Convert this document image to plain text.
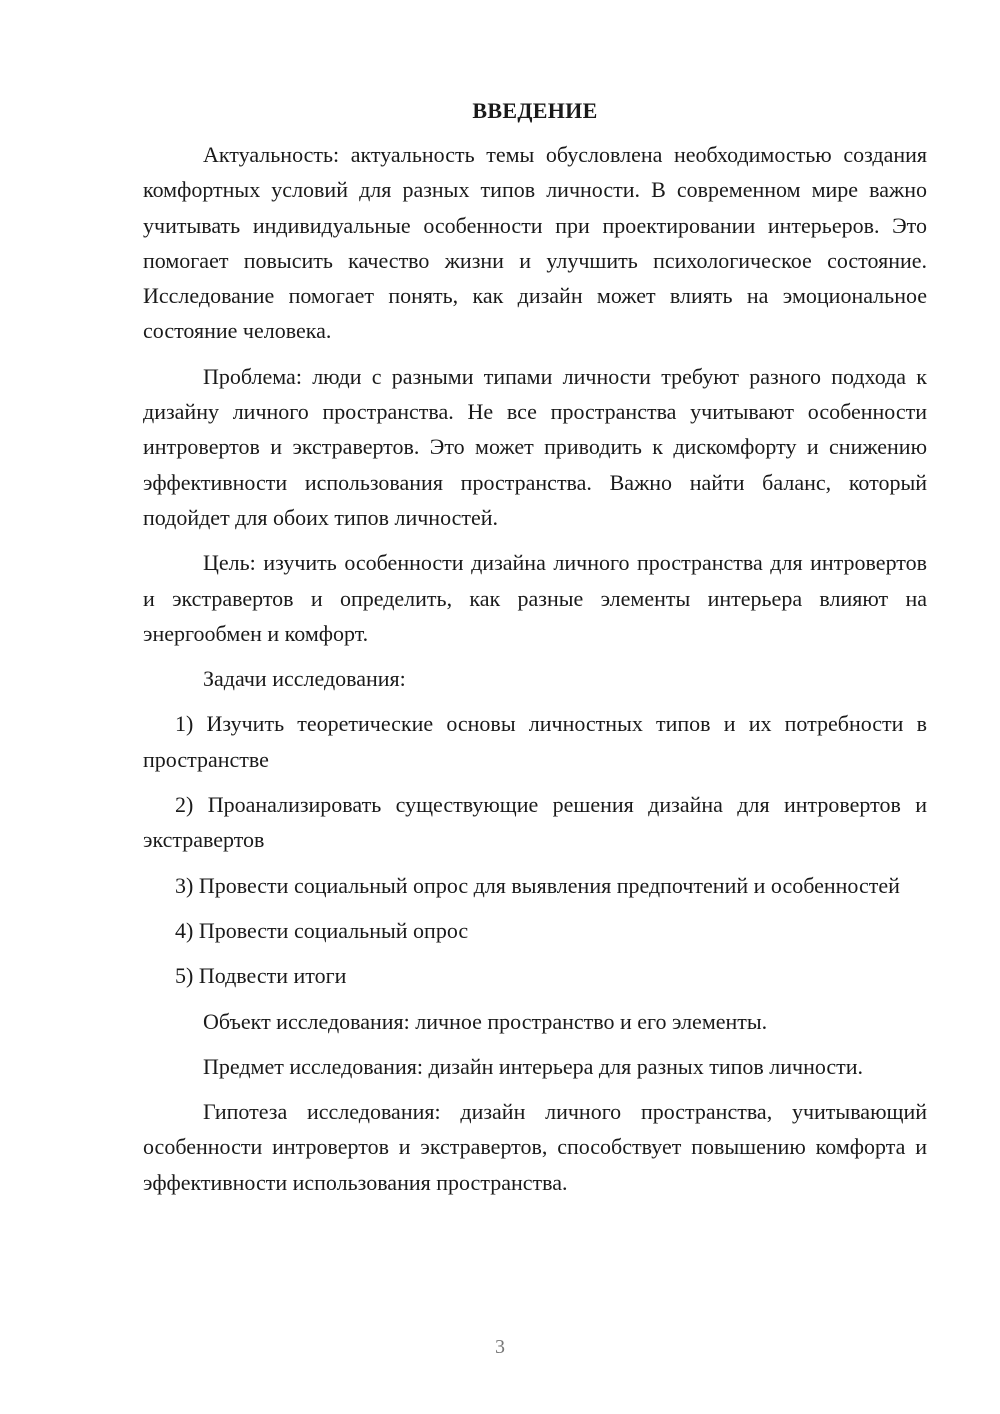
ВВЕДЕНИЕ

Актуальность: актуальность темы обусловлена необходимостью создания комфортных условий для разных типов личности. В современном мире важно учитывать индивидуальные особенности при проектировании интерьеров. Это помогает повысить качество жизни и улучшить психологическое состояние. Исследование помогает понять, как дизайн может влиять на эмоциональное состояние человека.

Проблема: люди с разными типами личности требуют разного подхода к дизайну личного пространства. Не все пространства учитывают особенности интровертов и экстравертов. Это может приводить к дискомфорту и снижению эффективности использования пространства. Важно найти баланс, который подойдет для обоих типов личностей.

Цель: изучить особенности дизайна личного пространства для интровертов и экстравертов и определить, как разные элементы интерьера влияют на энергообмен и комфорт.

Задачи исследования:

1) Изучить теоретические основы личностных типов и их потребности в пространстве

2) Проанализировать существующие решения дизайна для интровертов и экстравертов

3) Провести социальный опрос для выявления предпочтений и особенностей

4) Провести социальный опрос

5) Подвести итоги

Объект исследования: личное пространство и его элементы.

Предмет исследования: дизайн интерьера для разных типов личности.

Гипотеза исследования: дизайн личного пространства, учитывающий особенности интровертов и экстравертов, способствует повышению комфорта и эффективности использования пространства.

3
